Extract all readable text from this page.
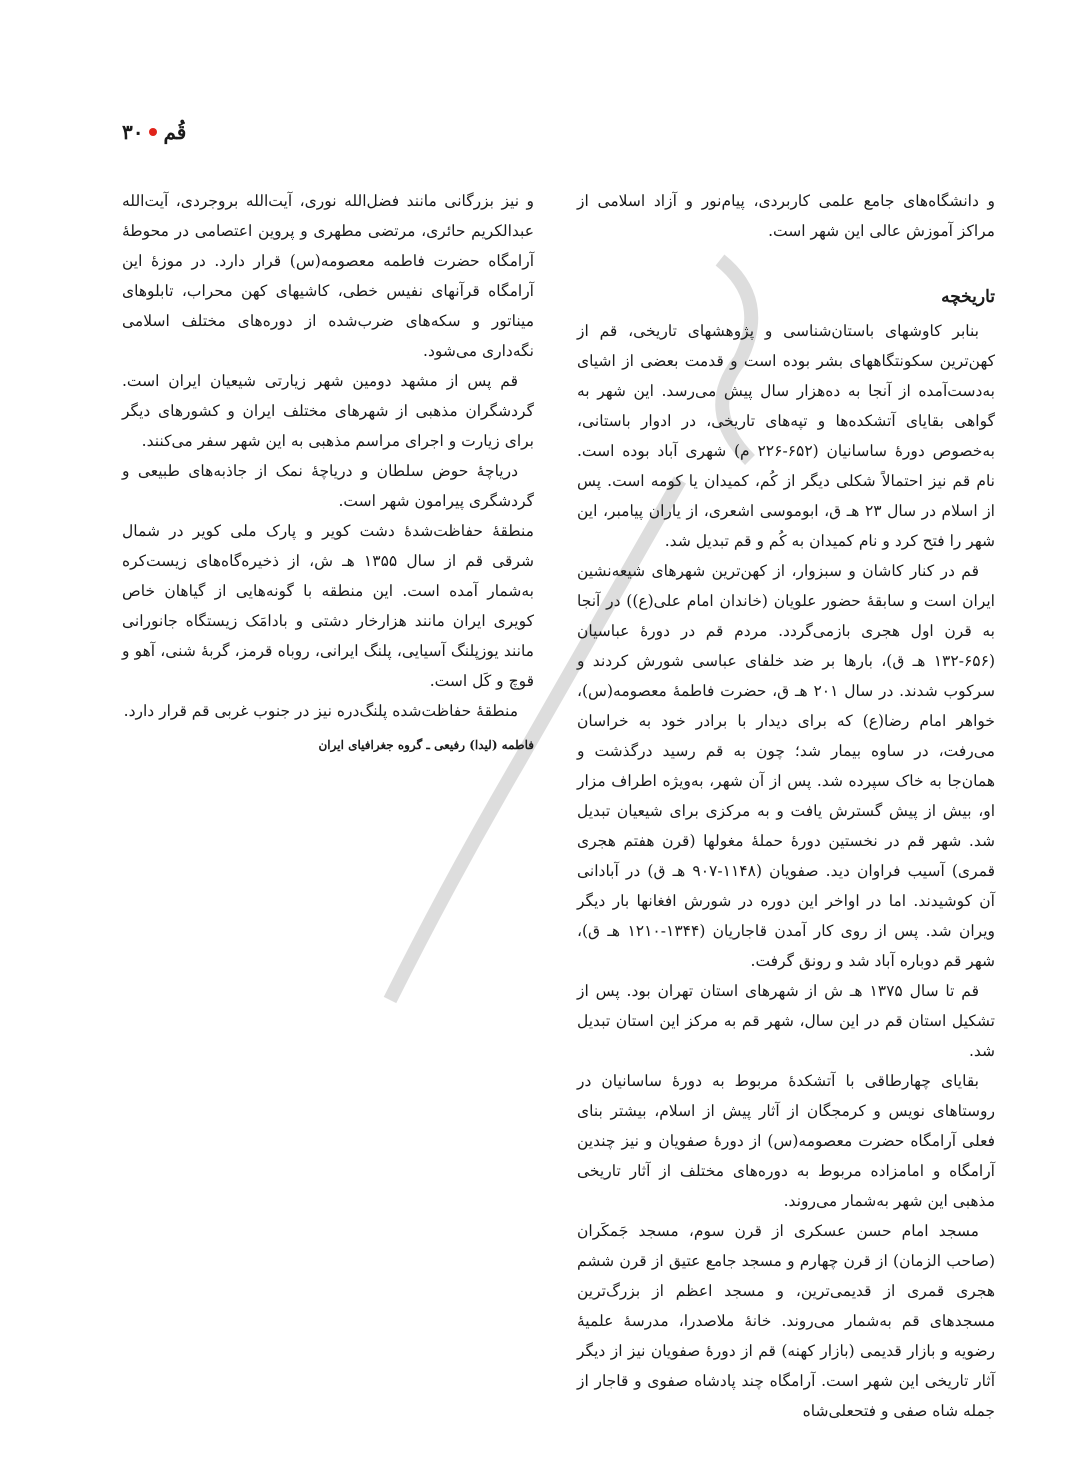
قُم
۳۰

و دانشگاه‌های جامع علمی کاربردی، پیام‌نور و آزاد اسلامی از مراکز آموزش عالی این شهر است.

تاریخچه

بنابر کاوشهای باستان‌شناسی و پژوهشهای تاریخی، قم از کهن‌ترین سکونتگاههای بشر بوده است و قدمت بعضی از اشیای به‌دست‌آمده از آنجا به ده‌هزار سال پیش می‌رسد. این شهر به گواهی بقایای آتشکده‌ها و تپه‌های تاریخی، در ادوار باستانی، به‌خصوص دورهٔ ساسانیان (۶۵۲-۲۲۶ م) شهری آباد بوده است. نام قم نیز احتمالاً شکلی دیگر از کُم، کمیدان یا کومه است. پس از اسلام در سال ۲۳ هـ ق، ابوموسی اشعری، از یاران پیامبر، این شهر را فتح کرد و نام کمیدان به کُم و قم تبدیل شد.

قم در کنار کاشان و سبزوار، از کهن‌ترین شهرهای شیعه‌نشین ایران است و سابقهٔ حضور علویان (خاندان امام علی(ع)) در آنجا به قرن اول هجری بازمی‌گردد. مردم قم در دورهٔ عباسیان (۶۵۶-۱۳۲ هـ ق)، بارها بر ضد خلفای عباسی شورش کردند و سرکوب شدند. در سال ۲۰۱ هـ ق، حضرت فاطمهٔ معصومه(س)، خواهر امام رضا(ع) که برای دیدار با برادر خود به خراسان می‌رفت، در ساوه بیمار شد؛ چون به قم رسید درگذشت و همان‌جا به خاک سپرده شد. پس از آن شهر، به‌ویژه اطراف مزار او، بیش از پیش گسترش یافت و به مرکزی برای شیعیان تبدیل شد. شهر قم در نخستین دورهٔ حملهٔ مغولها (قرن هفتم هجری قمری) آسیب فراوان دید. صفویان (۱۱۴۸-۹۰۷ هـ ق) در آبادانی آن کوشیدند. اما در اواخر این دوره در شورش افغانها بار دیگر ویران شد. پس از روی کار آمدن قاجاریان (۱۳۴۴-۱۲۱۰ هـ ق)، شهر قم دوباره آباد شد و رونق گرفت.

قم تا سال ۱۳۷۵ هـ ش از شهرهای استان تهران بود. پس از تشکیل استان قم در این سال، شهر قم به مرکز این استان تبدیل شد.

بقایای چهارطاقی با آتشکدهٔ مربوط به دورهٔ ساسانیان در روستاهای نویس و کرمجگان از آثار پیش از اسلام، بیشتر بنای فعلی آرامگاه حضرت معصومه(س) از دورهٔ صفویان و نیز چندین آرامگاه و امامزاده مربوط به دوره‌های مختلف از آثار تاریخی مذهبی این شهر به‌شمار می‌روند.

مسجد امام حسن عسکری از قرن سوم، مسجد جَمکَران (صاحب الزمان) از قرن چهارم و مسجد جامع عتیق از قرن ششم هجری قمری از قدیمی‌ترین، و مسجد اعظم از بزرگ‌ترین مسجدهای قم به‌شمار می‌روند. خانهٔ ملاصدرا، مدرسهٔ علمیهٔ رضویه و بازار قدیمی (بازار کهنه) قم از دورهٔ صفویان نیز از دیگر آثار تاریخی این شهر است. آرامگاه چند پادشاه صفوی و قاجار از جمله شاه صفی و فتحعلی‌شاه

و نیز بزرگانی مانند فضل‌الله نوری، آیت‌الله بروجردی، آیت‌الله عبدالکریم حائری، مرتضی مطهری و پروین اعتصامی در محوطهٔ آرامگاه حضرت فاطمه معصومه(س) قرار دارد. در موزهٔ این آرامگاه قرآنهای نفیس خطی، کاشیهای کهن محراب، تابلوهای میناتور و سکه‌های ضرب‌شده از دوره‌های مختلف اسلامی نگه‌داری می‌شود.

قم پس از مشهد دومین شهر زیارتی شیعیان ایران است. گردشگران مذهبی از شهرهای مختلف ایران و کشورهای دیگر برای زیارت و اجرای مراسم مذهبی به این شهر سفر می‌کنند.

دریاچهٔ حوض سلطان و دریاچهٔ نمک از جاذبه‌های طبیعی و گردشگری پیرامون شهر است.

منطقهٔ حفاظت‌شدهٔ دشت کویر و پارک ملی کویر در شمال شرقی قم از سال ۱۳۵۵ هـ ش، از ذخیره‌گاه‌های زیست‌کره به‌شمار آمده است. این منطقه با گونه‌هایی از گیاهان خاص کویری ایران مانند هزارخار دشتی و بادامَک زیستگاه جانورانی مانند یوزپلنگ آسیایی، پلنگ ایرانی، روباه قرمز، گربهٔ شنی، آهو و قوچ و کَل است.

منطقهٔ حفاظت‌شده پلنگ‌دره نیز در جنوب غربی قم قرار دارد.

فاطمه (لیدا) رفیعی ـ گروه جغرافیای ایران
